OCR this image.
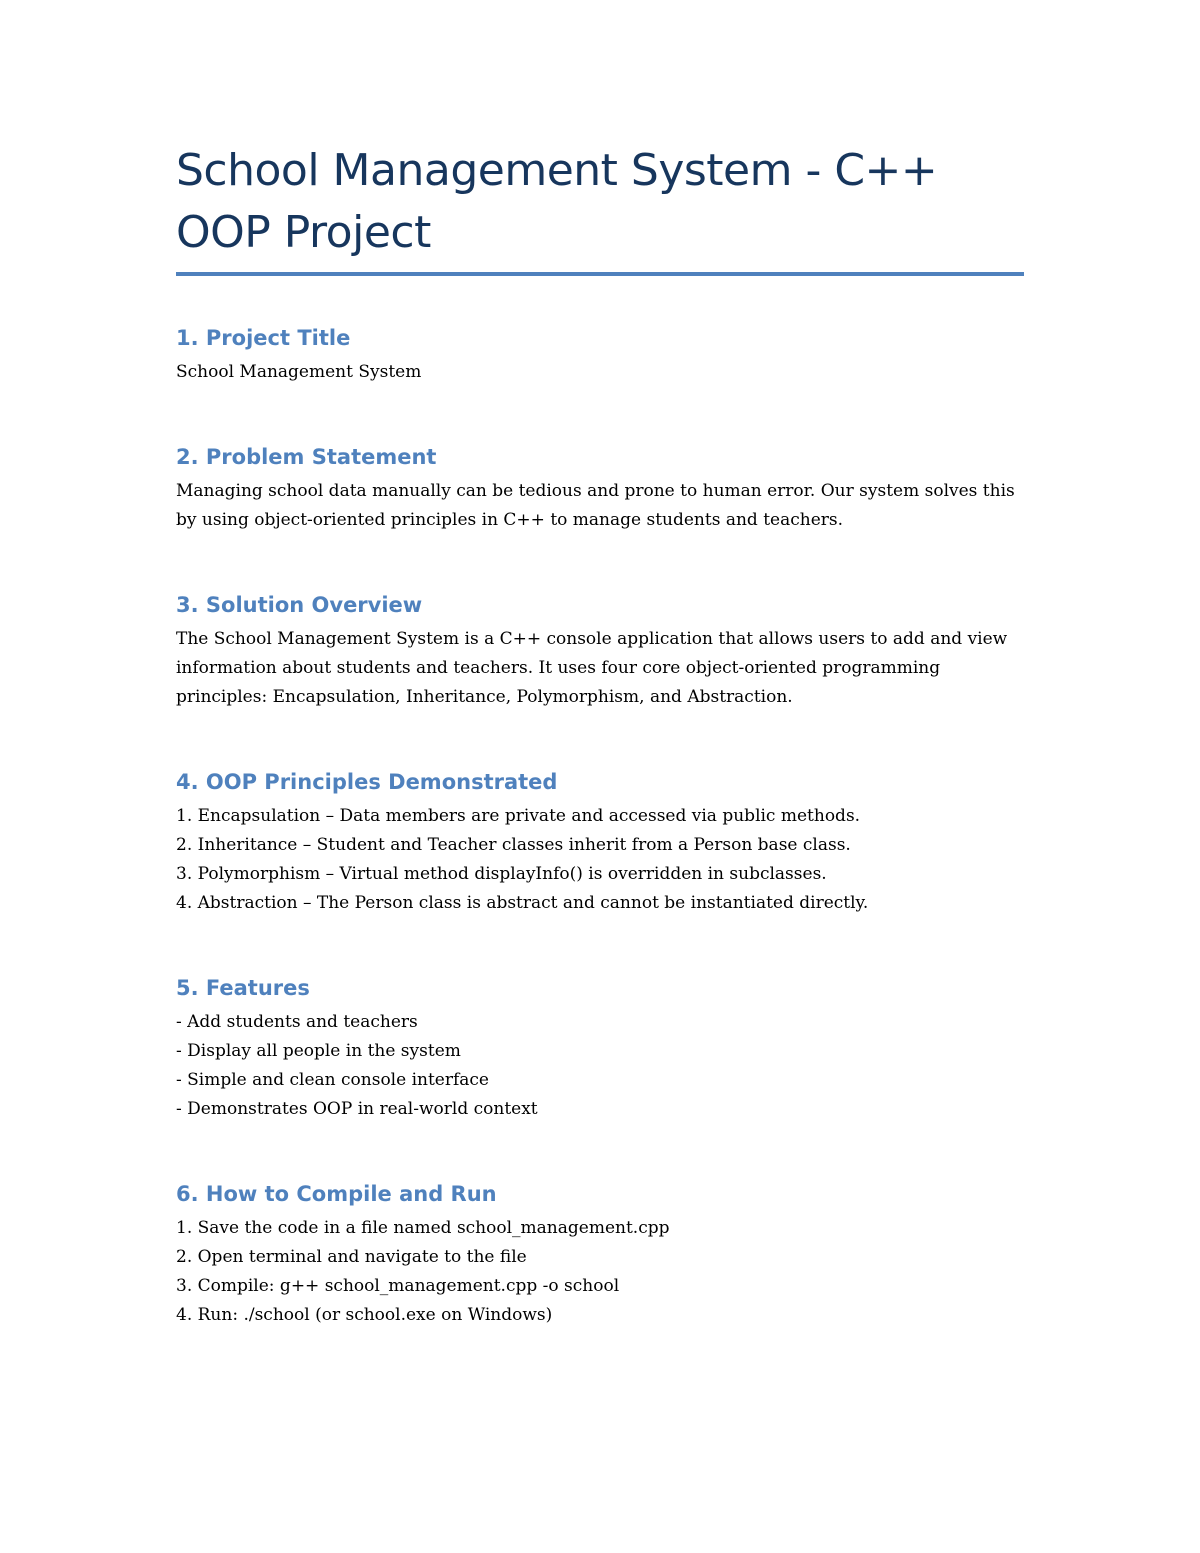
School Management System - C++ OOP Project
1. Project Title

School Management System

2. Problem Statement

Managing school data manually can be tedious and prone to human error. Our system solves this by using object-oriented principles in C++ to manage students and teachers.

3. Solution Overview

The School Management System is a C++ console application that allows users to add and view information about students and teachers. It uses four core object-oriented programming principles: Encapsulation, Inheritance, Polymorphism, and Abstraction.

4. OOP Principles Demonstrated
1. Encapsulation – Data members are private and accessed via public methods.
2. Inheritance – Student and Teacher classes inherit from a Person base class.
3. Polymorphism – Virtual method displayInfo() is overridden in subclasses.
4. Abstraction – The Person class is abstract and cannot be instantiated directly.
5. Features
- Add students and teachers
- Display all people in the system
- Simple and clean console interface
- Demonstrates OOP in real-world context
6. How to Compile and Run
1. Save the code in a file named school_management.cpp
2. Open terminal and navigate to the file
3. Compile: g++ school_management.cpp -o school
4. Run: ./school (or school.exe on Windows)
